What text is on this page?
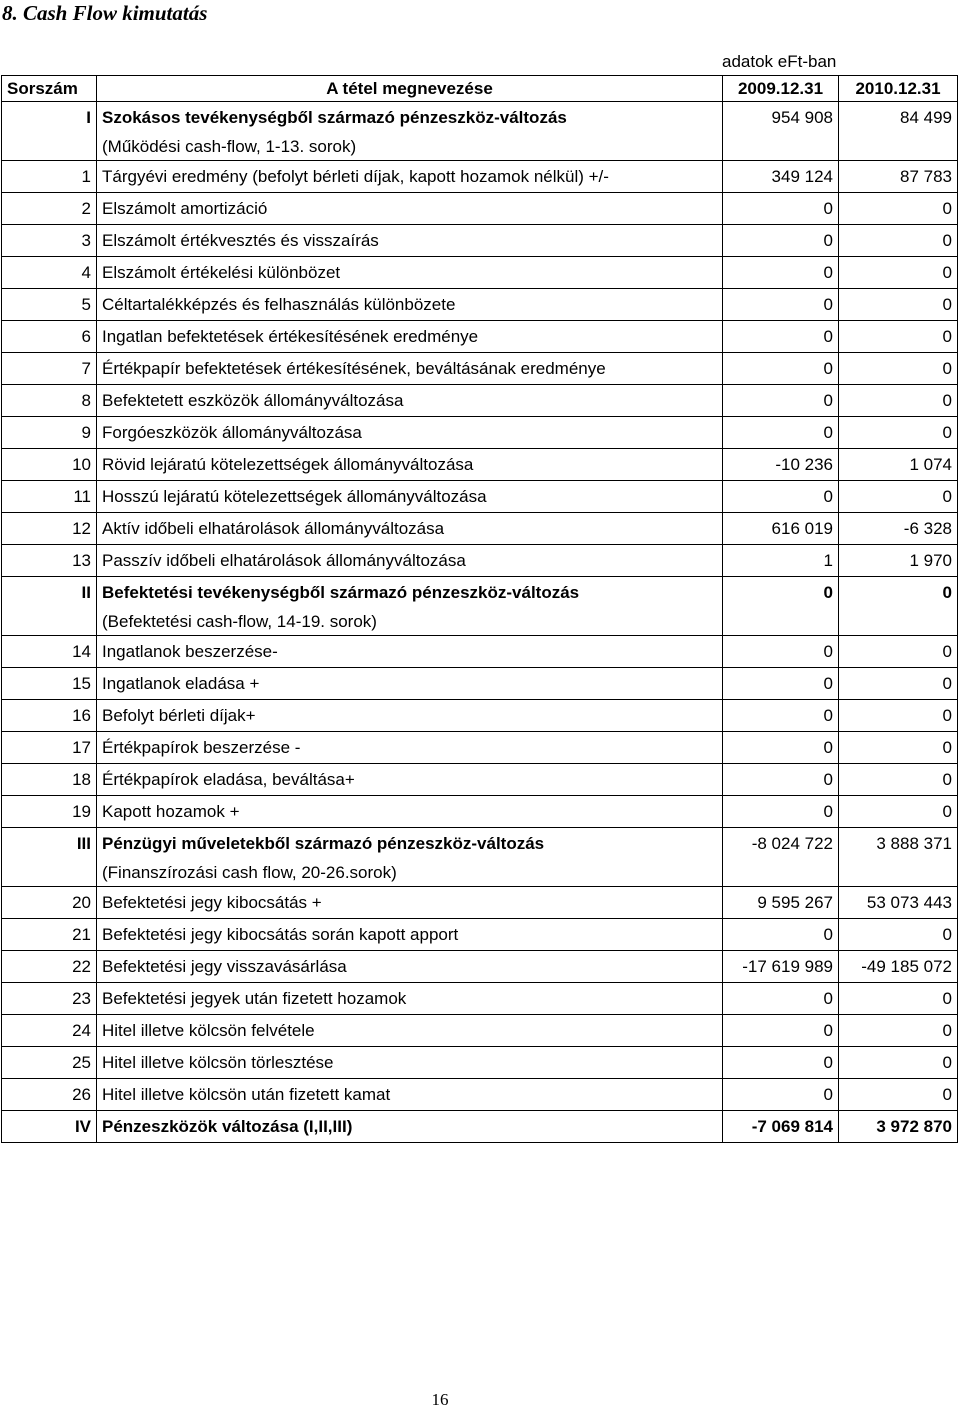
8. Cash Flow kimutatás
adatok eFt-ban
Sorszám	A tétel megnevezése	2009.12.31	2010.12.31
I	Szokásos tevékenységből származó pénzeszköz-változás	954 908	84 499
	(Működési cash-flow, 1-13. sorok)		
1	Tárgyévi eredmény (befolyt bérleti díjak, kapott hozamok nélkül) +/-	349 124	87 783
2	Elszámolt amortizáció	0	0
3	Elszámolt értékvesztés és visszaírás	0	0
4	Elszámolt értékelési különbözet	0	0
5	Céltartalékképzés és felhasználás különbözete	0	0
6	Ingatlan befektetések értékesítésének eredménye	0	0
7	Értékpapír befektetések értékesítésének, beváltásának eredménye	0	0
8	Befektetett eszközök állományváltozása	0	0
9	Forgóeszközök állományváltozása	0	0
10	Rövid lejáratú kötelezettségek állományváltozása	-10 236	1 074
11	Hosszú lejáratú kötelezettségek állományváltozása	0	0
12	Aktív időbeli elhatárolások állományváltozása	616 019	-6 328
13	Passzív időbeli elhatárolások állományváltozása	1	1 970
II	Befektetési tevékenységből származó pénzeszköz-változás	0	0
	(Befektetési cash-flow, 14-19. sorok)		
14	Ingatlanok beszerzése-	0	0
15	Ingatlanok eladása +	0	0
16	Befolyt bérleti díjak+	0	0
17	Értékpapírok beszerzése -	0	0
18	Értékpapírok eladása, beváltása+	0	0
19	Kapott hozamok +	0	0
III	Pénzügyi műveletekből származó pénzeszköz-változás	-8 024 722	3 888 371
	(Finanszírozási cash flow, 20-26.sorok)		
20	Befektetési jegy kibocsátás +	9 595 267	53 073 443
21	Befektetési jegy kibocsátás során kapott apport	0	0
22	Befektetési jegy visszavásárlása	-17 619 989	-49 185 072
23	Befektetési jegyek után fizetett hozamok	0	0
24	Hitel illetve kölcsön felvétele	0	0
25	Hitel illetve kölcsön törlesztése	0	0
26	Hitel illetve kölcsön után fizetett kamat	0	0
IV	Pénzeszközök változása (I,II,III)	-7 069 814	3 972 870
16
